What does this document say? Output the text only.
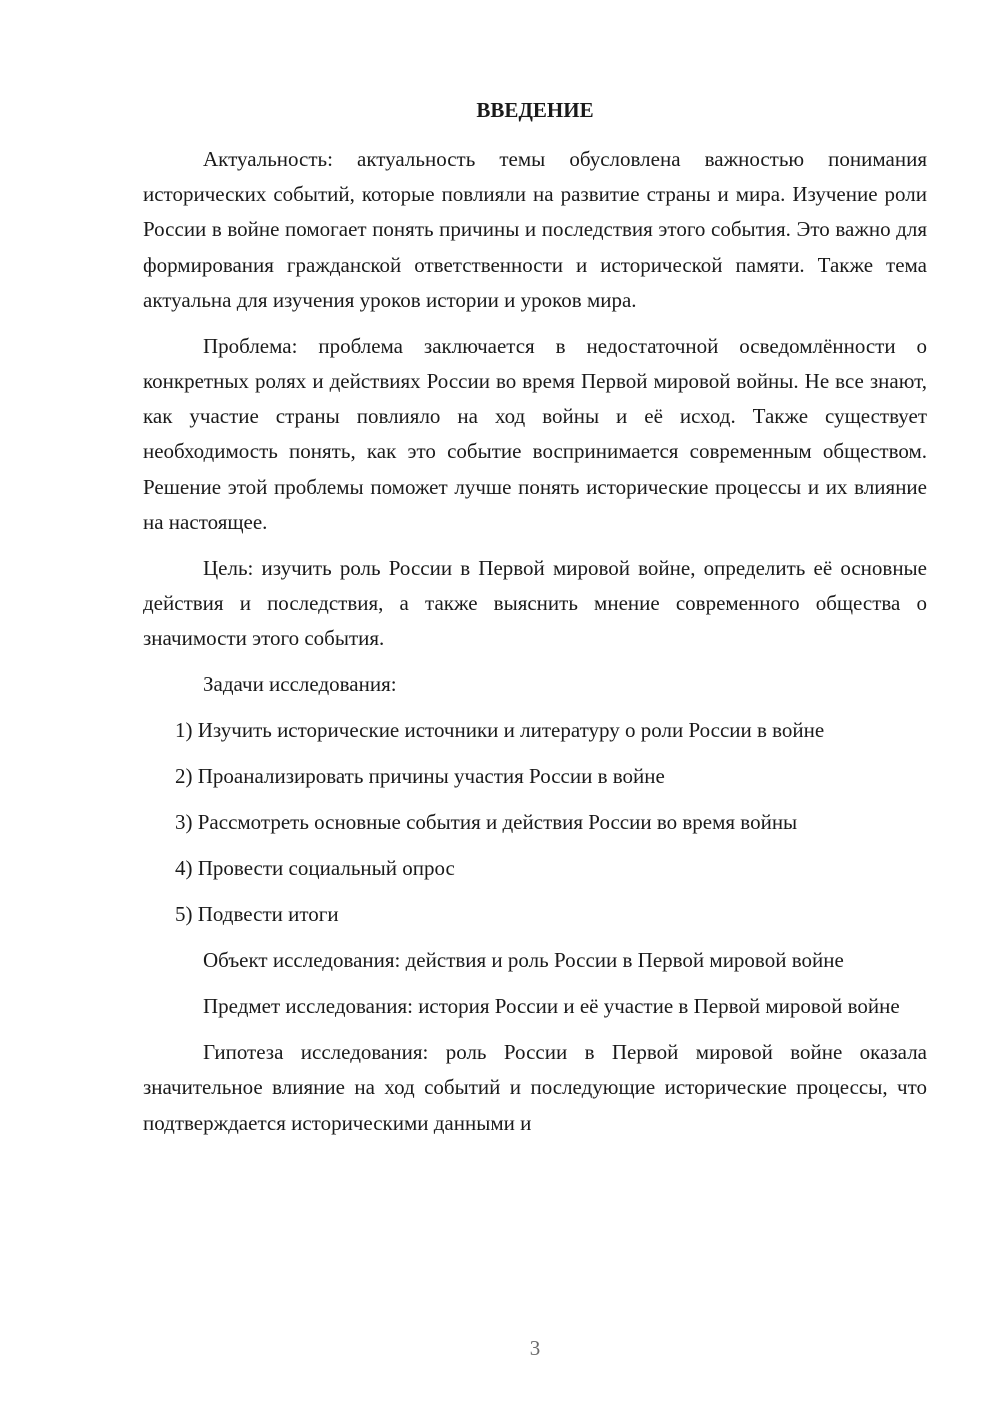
ВВЕДЕНИЕ

Актуальность: актуальность темы обусловлена важностью понимания исторических событий, которые повлияли на развитие страны и мира. Изучение роли России в войне помогает понять причины и последствия этого события. Это важно для формирования гражданской ответственности и исторической памяти. Также тема актуальна для изучения уроков истории и уроков мира.

Проблема: проблема заключается в недостаточной осведомлённости о конкретных ролях и действиях России во время Первой мировой войны. Не все знают, как участие страны повлияло на ход войны и её исход. Также существует необходимость понять, как это событие воспринимается современным обществом. Решение этой проблемы поможет лучше понять исторические процессы и их влияние на настоящее.

Цель: изучить роль России в Первой мировой войне, определить её основные действия и последствия, а также выяснить мнение современного общества о значимости этого события.

Задачи исследования:

1) Изучить исторические источники и литературу о роли России в войне

2) Проанализировать причины участия России в войне

3) Рассмотреть основные события и действия России во время войны

4) Провести социальный опрос

5) Подвести итоги

Объект исследования: действия и роль России в Первой мировой войне

Предмет исследования: история России и её участие в Первой мировой войне

Гипотеза исследования: роль России в Первой мировой войне оказала значительное влияние на ход событий и последующие исторические процессы, что подтверждается историческими данными и

3
